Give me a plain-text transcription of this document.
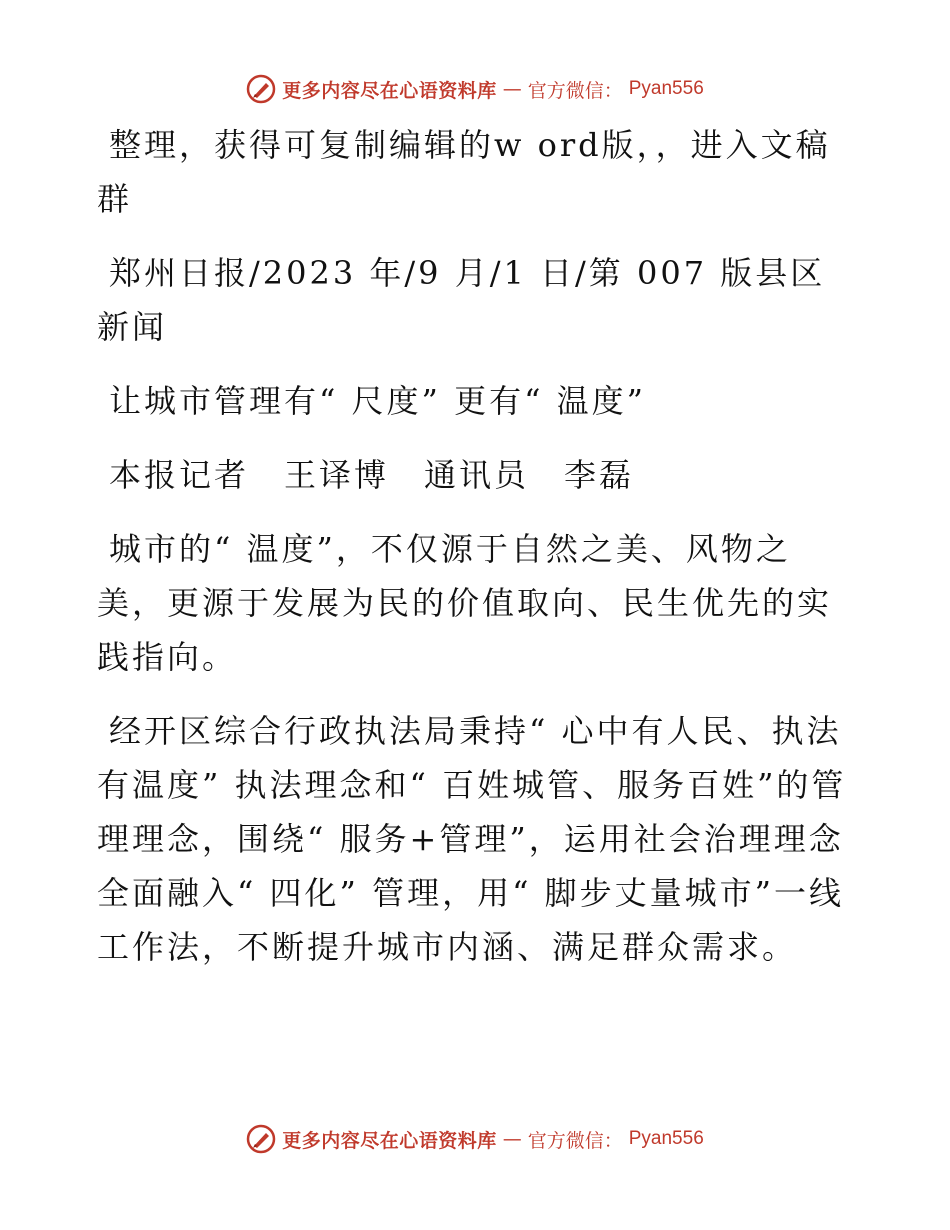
更多内容尽在心语资料库 — 官方微信： Pyan556

整理，获得可复制编辑的w ord版，，进入文稿群

郑州日报/2023 年/9 月/1 日/第 007 版县区新闻

让城市管理有“ 尺度” 更有“ 温度”

本报记者　王译博　通讯员　李磊

城市的“ 温度”，不仅源于自然之美、风物之美，更源于发展为民的价值取向、民生优先的实践指向。

经开区综合行政执法局秉持“ 心中有人民、执法有温度” 执法理念和“ 百姓城管、服务百姓”的管理理念，围绕“ 服务+管理”，运用社会治理理念全面融入“ 四化” 管理，用“ 脚步丈量城市”一线工作法，不断提升城市内涵、满足群众需求。

更多内容尽在心语资料库 — 官方微信： Pyan556
